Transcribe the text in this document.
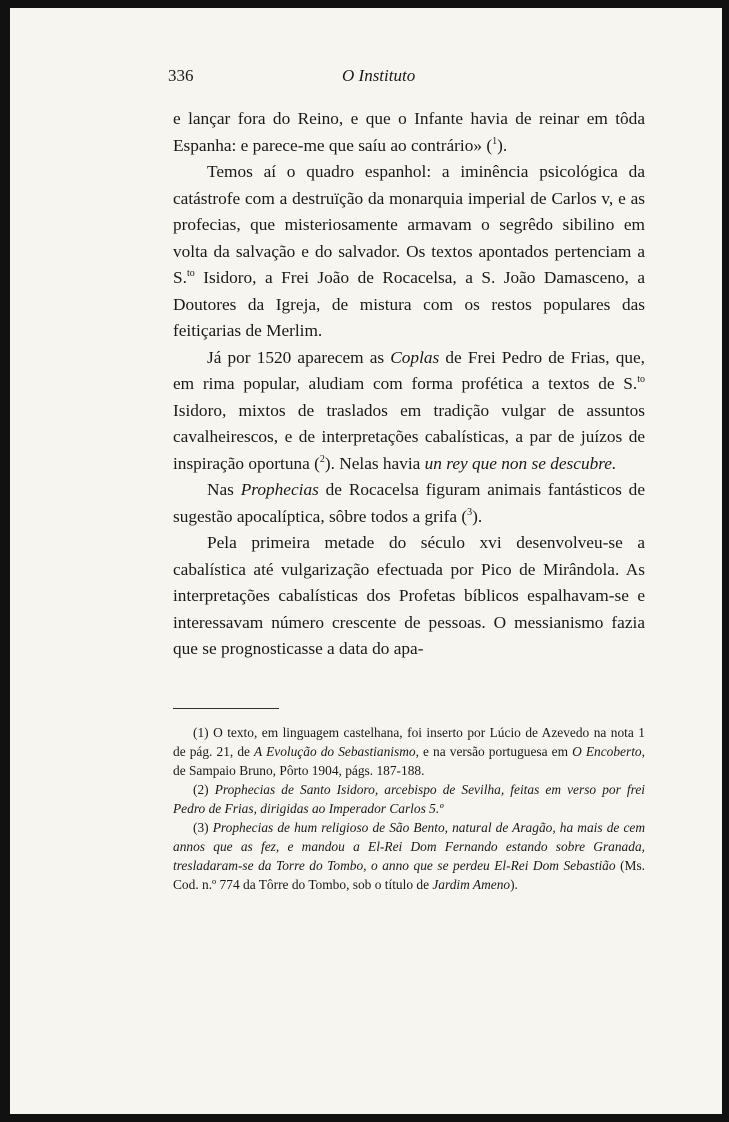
336	O Instituto

e lançar fora do Reino, e que o Infante havia de reinar em tôda Espanha: e parece-me que saíu ao contrário» ($^1$).

Temos aí o quadro espanhol: a iminência psicológica da catástrofe com a destruïção da monarquia imperial de Carlos v, e as profecias, que misteriosamente armavam o segrêdo sibilino em volta da salvação e do salvador. Os textos apontados pertenciam a S.$^{to}$ Isidoro, a Frei João de Rocacelsa, a S. João Damasceno, a Doutores da Igreja, de mistura com os restos populares das feitiçarias de Merlim.

Já por 1520 aparecem as Coplas de Frei Pedro de Frias, que, em rima popular, aludiam com forma profética a textos de S.$^{to}$ Isidoro, mixtos de traslados em tradição vulgar de assuntos cavalheirescos, e de interpretações cabalísticas, a par de juízos de inspiração oportuna ($^2$). Nelas havia un rey que non se descubre.

Nas Prophecias de Rocacelsa figuram animais fantásticos de sugestão apocalíptica, sôbre todos a grifa ($^3$).

Pela primeira metade do século xvi desenvolveu-se a cabalística até vulgarização efectuada por Pico de Mirândola. As interpretações cabalísticas dos Profetas bíblicos espalhavam-se e interessavam número crescente de pessoas. O messianismo fazia que se prognosticasse a data do apa-

(1) O texto, em linguagem castelhana, foi inserto por Lúcio de Azevedo na nota 1 de pág. 21, de A Evolução do Sebastianismo, e na versão portuguesa em O Encoberto, de Sampaio Bruno, Pôrto 1904, págs. 187-188.

(2) Prophecias de Santo Isidoro, arcebispo de Sevilha, feitas em verso por frei Pedro de Frias, dirigidas ao Imperador Carlos 5.º

(3) Prophecias de hum religioso de São Bento, natural de Aragão, ha mais de cem annos que as fez, e mandou a El-Rei Dom Fernando estando sobre Granada, tresladaram-se da Torre do Tombo, o anno que se perdeu El-Rei Dom Sebastião (Ms. Cod. n.º 774 da Tôrre do Tombo, sob o título de Jardim Ameno).
